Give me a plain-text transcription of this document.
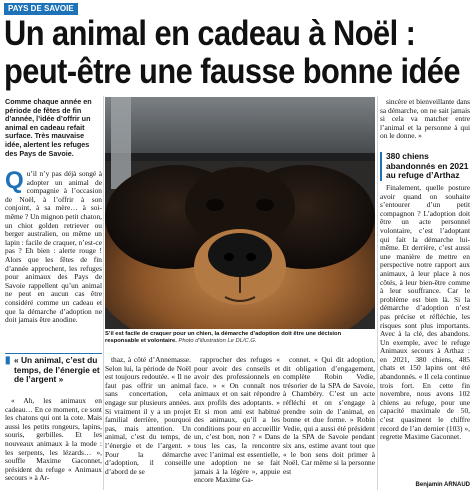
PAYS DE SAVOIE
Un animal en cadeau à Noël :
peut-être une fausse bonne idée
Comme chaque année en période de fêtes de fin d’année, l’idée d’offrir un animal en cadeau refait surface. Très mauvaise idée, alertent les refuges des Pays de Savoie.
S’il est facile de craquer pour un chien, la démarche d’adoption doit être une décision responsable et volontaire. Photo d’illustration Le DL/C.G.
Q u’il n’y pas déjà songé à adopter un animal de compagnie à l’occasion de Noël, à l’offrir à son conjoint, à sa mère… à soi-même ? Un mignon petit chaton, un chiot golden retriever ou berger australien, ou même un lapin : facile de craquer, n’est-ce pas ? Eh bien : alerte rouge ! Alors que les fêtes de fin d’année approchent, les refuges pour animaux des Pays de Savoie rappellent qu’un animal ne peut en aucun cas être considéré comme un cadeau et que la démarche d’adoption ne doit jamais être anodine.
▮ « Un animal, c’est du temps, de l’énergie et de l’argent »

« Ah, les animaux en cadeau… En ce moment, ce sont les chatons qui ont la cote. Mais aussi les petits rongeurs, lapins, souris, gerbilles. Et les nouveaux animaux à la mode : les serpents, les lézards… », souffle Maxime Gaconnet, président du refuge « Animaux secours » à Ar-

thaz, à côté d’Annemasse. Selon lui, la période de Noël est toujours redoutée. « Il ne faut pas offrir un animal sans concertation, cela engage sur plusieurs années. Si vraiment il y a un projet familial derrière, pourquoi pas, mais attention. Un animal, c’est du temps, de l’énergie et de l’argent. » Pour la démarche d’adoption, il conseille d’abord de se

rapprocher des refuges « pour avoir des conseils et avoir des professionnels en face. » « On connaît nos animaux et on sait répondre aux profils des adoptants. » Et si mon ami est habitué des animaux, qu’il a les conditions pour en accueillir un, c’est bon, non ? « Dans tous les cas, la rencontre avec l’animal est essentielle, une adoption ne se fait jamais à la légère », appuie encore Maxime Ga-

connet. « Qui dit adoption, dit obligation d’engagement, complète Robin Vedie, trésorier de la SPA de Savoie, à Chambéry. C’est un acte réfléchi et on s’engage à prendre soin de l’animal, en bonne et due forme. » Robin Vedie, qui a aussi été président de la SPA de Savoie pendant six ans, estime avant tout que « le bon sens doit primer à Noël. Car même si la personne est

sincère et bienveillante dans sa démarche, on ne sait jamais si cela va matcher entre l’animal et la personne à qui on le donne. »

380 chiens abandonnés en 2021 au refuge d’Arthaz

Finalement, quelle posture avoir quand on souhaite s’entourer d’un petit compagnon ? L’adoption doit être un acte personnel volontaire, c’est l’adoptant qui fait la démarche lui-même. Et derrière, c’est aussi une manière de mettre en perspective notre rapport aux animaux, à leur place à nos côtés, à leur bien-être comme à leur souffrance. Car le problème est bien là. Si la démarche d’adoption n’est pas précise et réfléchie, les risques sont plus importants. Avec à la clé, des abandons. Un exemple, avec le refuge Animaux secours à Arthaz : en 2021, 380 chiens, 485 chats et 150 lapins ont été abandonnés. « Il cela continue trois fort. En cette fin novembre, nous avons 102 chiens au refuge, pour une capacité maximale de 50, c’est quasiment le chiffre record de l’an dernier (103) », regrette Maxime Gaconnet.

Benjamin ARNAUD
